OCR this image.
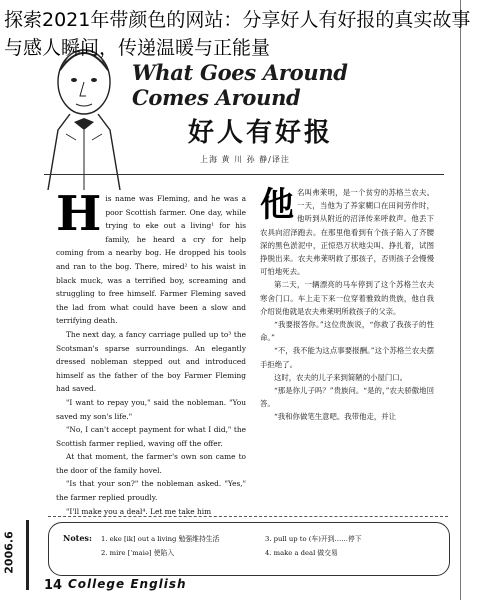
What Goes Around Comes Around
好人有好报
上海 黄 川 孙 静/译注

His name was Fleming, and he was a poor Scottish farmer. One day, while trying to eke out a living¹ for his family, he heard a cry for help coming from a nearby bog. He dropped his tools and ran to the bog. There, mired² to his waist in black muck, was a terrified boy, screaming and struggling to free himself. Farmer Fleming saved the lad from what could have been a slow and terrifying death.

The next day, a fancy carriage pulled up to³ the Scotsman's sparse surroundings. An elegantly dressed nobleman stepped out and introduced himself as the father of the boy Farmer Fleming had saved.

"I want to repay you," said the nobleman. "You saved my son's life."

"No, I can't accept payment for what I did," the Scottish farmer replied, waving off the offer.

At that moment, the farmer's own son came to the door of the family hovel.

"Is that your son?" the nobleman asked. "Yes," the farmer replied proudly.

"I'll make you a deal⁴. Let me take him

他名叫弗莱明，是一个贫穷的苏格兰农夫。一天，当他为了养家糊口在田间劳作时，他听到从附近的沼泽传来呼救声。他丢下农具向沼泽跑去。在那里他看到有个孩子陷入了齐腰深的黑色淤泥中，正惊恐万状地尖叫、挣扎着，试图挣脱出来。农夫弗莱明救了那孩子，否则孩子会慢慢可怕地死去。

第二天，一辆漂亮的马车停到了这个苏格兰农夫寒舍门口。车上走下来一位穿着雅致的贵族，他自我介绍说他就是农夫弗莱明所救孩子的父亲。

“我要报答你。”这位贵族说，“你救了我孩子的性命。”

“不，我不能为这点事要报酬。”这个苏格兰农夫摆手拒绝了。

这时，农夫的儿子来到简陋的小屋门口。

“那是你儿子吗？”贵族问。“是的，”农夫骄傲地回答。

“我和你做笔生意吧。我带他走，并让

Notes: 1. eke [ik] out a living 勉强维持生活
2. mire [ˈmaiə] 使陷入
3. pull up to (车)开到……停下
4. make a deal 做交易
2006.6
14 College English

探索2021年带颜色的网站：分享好人有好报的真实故事与感人瞬间，传递温暖与正能量
